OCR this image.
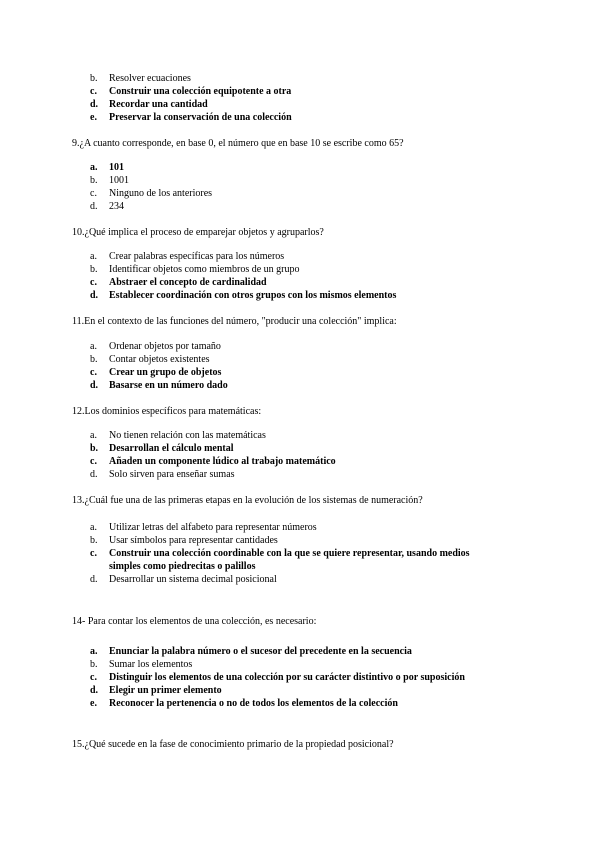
b. Resolver ecuaciones
c. Construir una colección equipotente a otra
d. Recordar una cantidad
e. Preservar la conservación de una colección
9.¿A cuanto corresponde, en base 0, el número que en base 10 se escribe como 65?
a. 101
b. 1001
c. Ninguno de los anteriores
d. 234
10.¿Qué implica el proceso de emparejar objetos y agruparlos?
a. Crear palabras específicas para los números
b. Identificar objetos como miembros de un grupo
c. Abstraer el concepto de cardinalidad
d. Establecer coordinación con otros grupos con los mismos elementos
11.En el contexto de las funciones del número, "producir una colección" implica:
a. Ordenar objetos por tamaño
b. Contar objetos existentes
c. Crear un grupo de objetos
d. Basarse en un número dado
12.Los dominios específicos para matemáticas:
a. No tienen relación con las matemáticas
b. Desarrollan el cálculo mental
c. Añaden un componente lúdico al trabajo matemático
d. Solo sirven para enseñar sumas
13.¿Cuál fue una de las primeras etapas en la evolución de los sistemas de numeración?
a. Utilizar letras del alfabeto para representar números
b. Usar símbolos para representar cantidades
c. Construir una colección coordinable con la que se quiere representar, usando medios
simples como piedrecitas o palillos
d. Desarrollar un sistema decimal posicional
14- Para contar los elementos de una colección, es necesario:
a. Enunciar la palabra número o el sucesor del precedente en la secuencia
b. Sumar los elementos
c. Distinguir los elementos de una colección por su carácter distintivo o por suposición
d. Elegir un primer elemento
e. Reconocer la pertenencia o no de todos los elementos de la colección
15.¿Qué sucede en la fase de conocimiento primario de la propiedad posicional?
